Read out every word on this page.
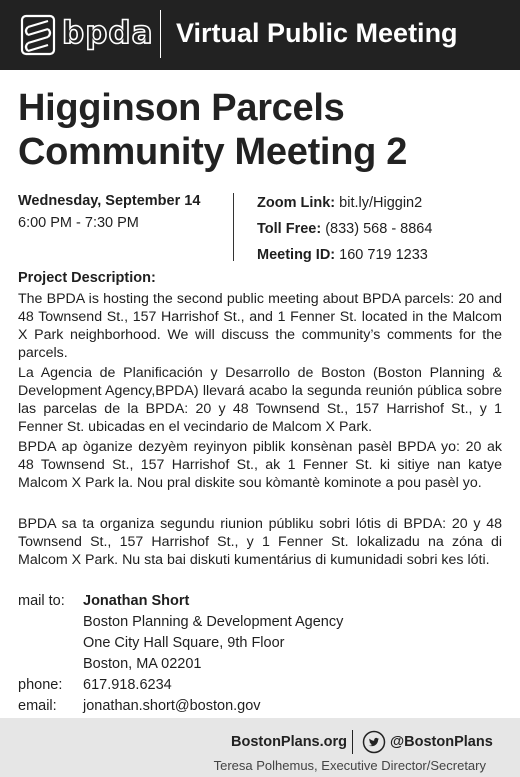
bpda Virtual Public Meeting
Higginson Parcels
Community Meeting 2
Wednesday, September 14
6:00 PM - 7:30 PM
Zoom Link: bit.ly/Higgin2
Toll Free: (833) 568 - 8864
Meeting ID: 160 719 1233
Project Description:

The BPDA is hosting the second public meeting about BPDA parcels: 20 and 48 Townsend St., 157 Harrishof St., and 1 Fenner St. located in the Malcom X Park neighborhood. We will discuss the community’s comments for the parcels.

La Agencia de Planificación y Desarrollo de Boston (Boston Planning & Development Agency,BPDA) llevará acabo la segunda reunión pública sobre las parcelas de la BPDA: 20 y 48 Townsend St., 157 Harrishof St., y 1 Fenner St. ubicadas en el vecindario de Malcom X Park.

BPDA ap òganize dezyèm reyinyon piblik konsènan pasèl BPDA yo: 20 ak 48 Townsend St., 157 Harrishof St., ak 1 Fenner St. ki sitiye nan katye Malcom X Park la. Nou pral diskite sou kòmantè kominote a pou pasèl yo.

BPDA sa ta organiza segundu riunion públiku sobri lótis di BPDA: 20 y 48 Townsend St., 157 Harrishof St., y 1 Fenner St. lokalizadu na zóna di Malcom X Park. Nu sta bai diskuti kumentárius di kumunidadi sobri kes lóti.

mail to:	Jonathan Short
Boston Planning & Development Agency
One City Hall Square, 9th Floor
Boston, MA 02201
phone:	617.918.6234
email:	jonathan.short@boston.gov
BostonPlans.org	@BostonPlans
Teresa Polhemus, Executive Director/Secretary
